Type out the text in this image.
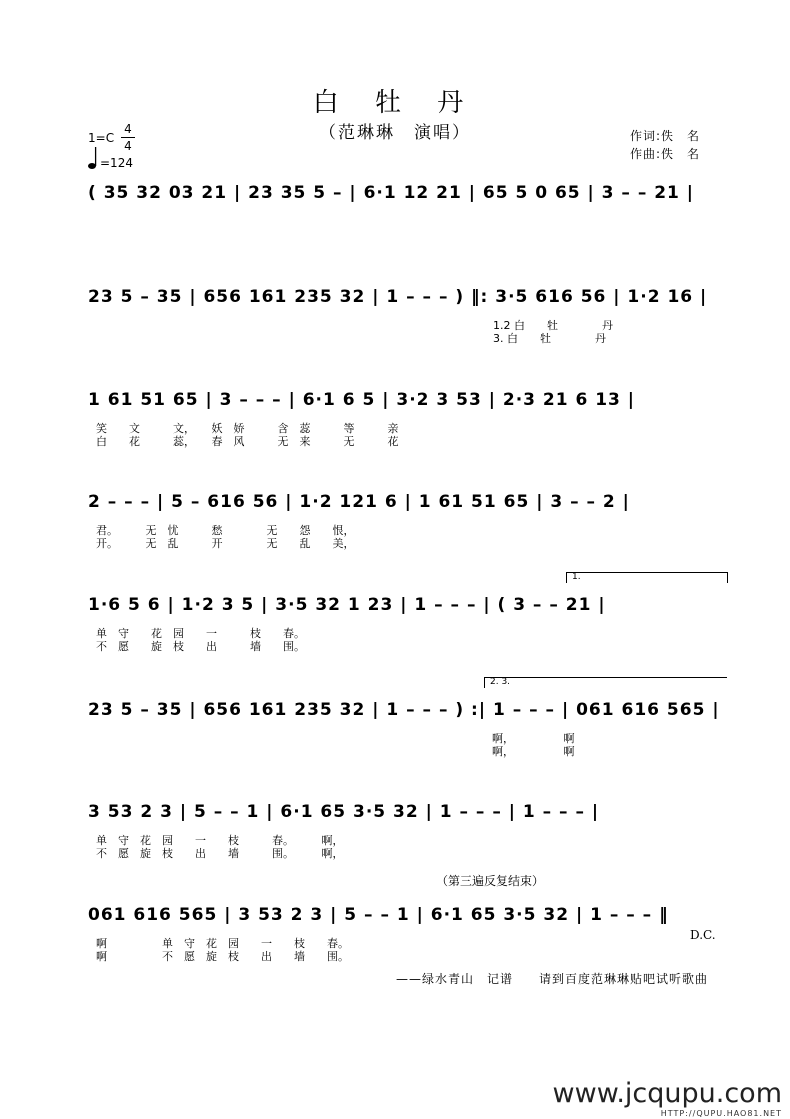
白 牡 丹
（范琳琳　演唱）	作词:佚　名
作曲:佚　名
1=C
4
4
=124
( 35 32 03 21 | 23 35 5 – | 6·1 12 21 | 65 5 0 65 | 3 – – 21 |
23 5 – 35 | 656 161 235 32 | 1 – – – ) ‖: 3·5 616 56 | 1·2 16 |
1.2 白　　牡　　　　丹
3. 白　　牡　　　　丹
1 61 51 65 | 3 – – – | 6·1 6 5 | 3·2 3 53 | 2·3 21 6 13 |
笑　　文　　　文，　　妖　娇　　　含　蕊　　　等　　　亲
白　　花　　　蕊，　　春　风　　　无　来　　　无　　　花
2 – – – | 5 – 616 56 | 1·2 121 6 | 1 61 51 65 | 3 – – 2 |
君。　　　无　忧　　　愁　　　　无　　怨　　恨，
开。　　　无　乱　　　开　　　　无　　乱　　美，
1.
1·6 5 6 | 1·2 3 5 | 3·5 32 1 23 | 1 – – – | ( 3 – – 21 |
单　守　　花　园　　一　　　枝　　春。
不　愿　　旋　枝　　出　　　墙　　围。
2. 3.
23 5 – 35 | 656 161 235 32 | 1 – – – ) :| 1 – – – | 061 616 565 |
啊，　　　　　啊
啊，　　　　　啊
3 53 2 3 | 5 – – 1 | 6·1 65 3·5 32 | 1 – – – | 1 – – – |
单　守　花　园　　一　　枝　　　春。　　　啊，
不　愿　旋　枝　　出　　墙　　　围。　　　啊，
（第三遍反复结束）
061 616 565 | 3 53 2 3 | 5 – – 1 | 6·1 65 3·5 32 | 1 – – – ‖
D.C.
啊　　　　　单　守　花　园　　一　　枝　　春。
啊　　　　　不　愿　旋　枝　　出　　墙　　围。
——绿水青山　记谱　　请到百度范琳琳贴吧试听歌曲
www.jcqupu.com
HTTP://QUPU.HAO81.NET
